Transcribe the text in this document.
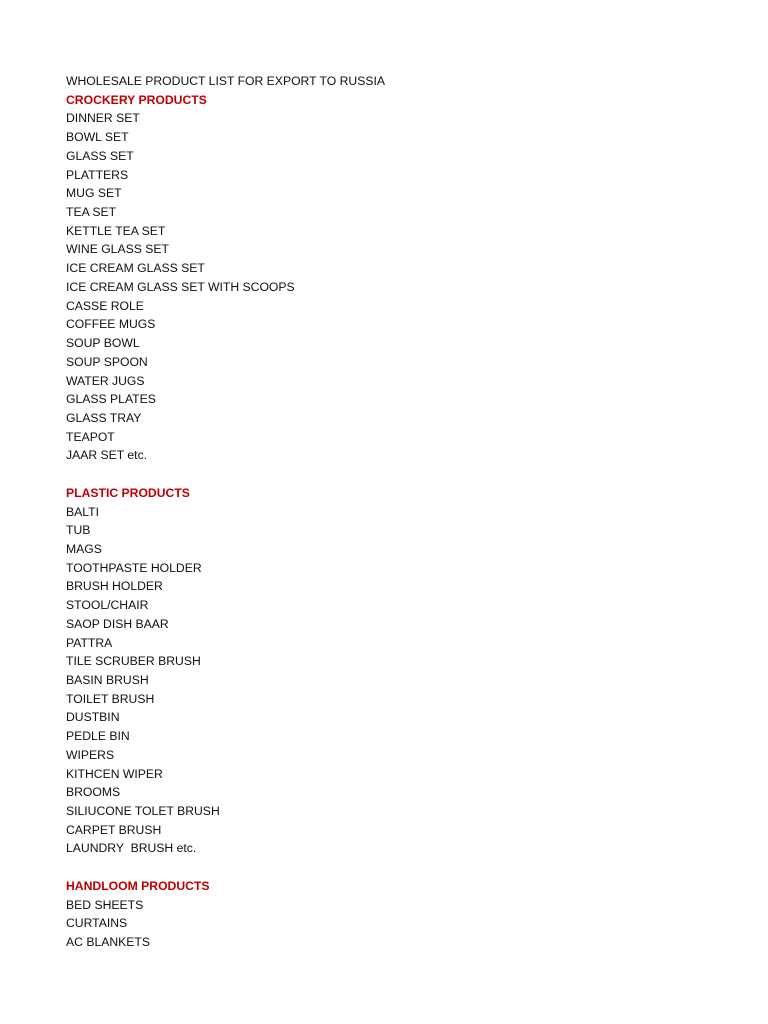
WHOLESALE PRODUCT LIST FOR EXPORT TO RUSSIA
CROCKERY PRODUCTS
DINNER SET
BOWL SET
GLASS SET
PLATTERS
MUG SET
TEA SET
KETTLE TEA SET
WINE GLASS SET
ICE CREAM GLASS SET
ICE CREAM GLASS SET WITH SCOOPS
CASSE ROLE
COFFEE MUGS
SOUP BOWL
SOUP SPOON
WATER JUGS
GLASS PLATES
GLASS TRAY
TEAPOT
JAAR SET etc.
PLASTIC PRODUCTS
BALTI
TUB
MAGS
TOOTHPASTE HOLDER
BRUSH HOLDER
STOOL/CHAIR
SAOP DISH BAAR
PATTRA
TILE SCRUBER BRUSH
BASIN BRUSH
TOILET BRUSH
DUSTBIN
PEDLE BIN
WIPERS
KITHCEN WIPER
BROOMS
SILIUCONE TOLET BRUSH
CARPET BRUSH
LAUNDRY  BRUSH etc.
HANDLOOM PRODUCTS
BED SHEETS
CURTAINS
AC BLANKETS
